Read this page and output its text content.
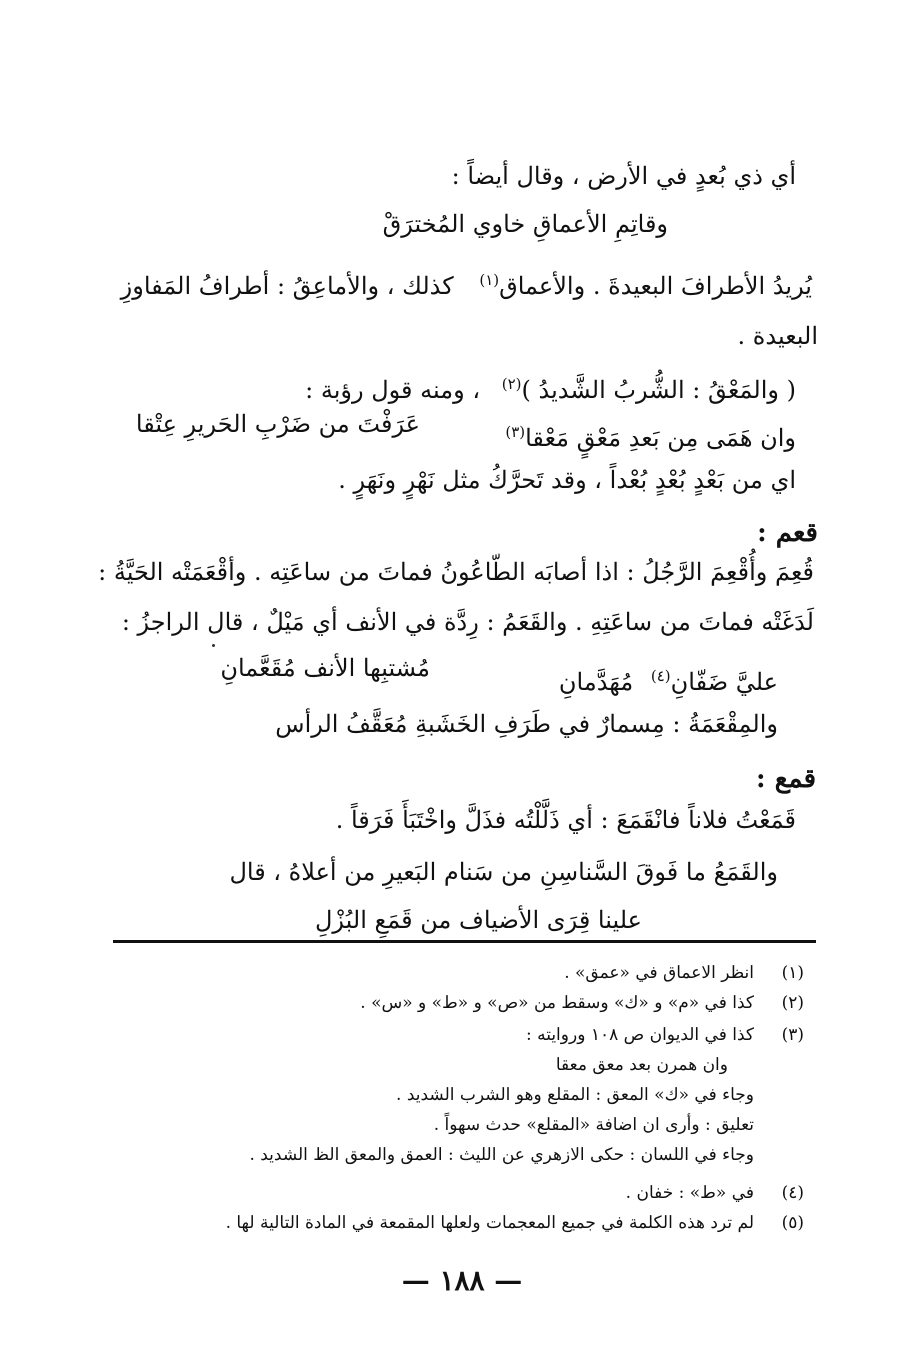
أي ذي بُعدٍ في الأرض ، وقال أيضاً :
وقاتِمِ الأعماقِ خاوي المُخترَقْ
يُريدُ الأطرافَ البعيدةَ . والأعماق$^{(١)}$ كذلك ، والأماعِقُ : أطرافُ المَفاوزِ
البعيدة .
( والمَعْقُ : الشُّربُ الشَّديدُ )$^{(٢)}$ ، ومنه قول رؤبة :
وان هَمَى مِن بَعدِ مَعْقٍ مَعْقا$^{(٣)}$
عَرَفْتَ من ضَرْبِ الحَريرِ عِتْقا
اي من بَعْدٍ بُعْدٍ بُعْداً ، وقد تَحرَّكُ مثل نَهْرٍ ونَهَرٍ .
قعم :
قُعِمَ وأُقْعِمَ الرَّجُلُ : اذا أصابَه الطّاعُونُ فماتَ من ساعَتِه . وأقْعَمَتْه الحَيَّةُ :
لَدَغَتْه فماتَ من ساعَتِهِ . والقَعَمُ : رِدَّة في الأنف أي مَيْلٌ ، قال الراجزُ :
عليَّ ضَفّانِ$^{(٤)}$ مُهَدَّمانِ
مُشتبِها الأنف مُقَعَّمانِ
والمِقْعَمَةُ : مِسمارٌ في طَرَفِ الخَشَبةِ مُعَقَّفُ الرأس
قمع :
قَمَعْتُ فلاناً فانْقَمَعَ : أي ذَلَّلْتُه فذَلَّ واخْتَبَأَ فَرَقاً .
والقَمَعُ ما فَوقَ السَّناسِنِ من سَنام البَعيرِ من أعلاهُ ، قال
علينا قِرَى الأضياف من قَمَعِ البُزْلِ
(١)انظر الاعماق في «عمق» .
(٢)كذا في «م» و «ك» وسقط من «ص» و «ط» و «س» .
(٣)كذا في الديوان ص ١٠٨ وروايته :
وان همرن بعد معق معقا
وجاء في «ك» المعق : المقلع وهو الشرب الشديد .
تعليق : وأرى ان اضافة «المقلع» حدث سهواً .
وجاء في اللسان : حكى الازهري عن الليث : العمق والمعق الظ الشديد .
(٤)في «ط» : خفان .
(٥)لم ترد هذه الكلمة في جميع المعجمات ولعلها المقمعة في المادة التالية لها .
— ١٨٨ —
